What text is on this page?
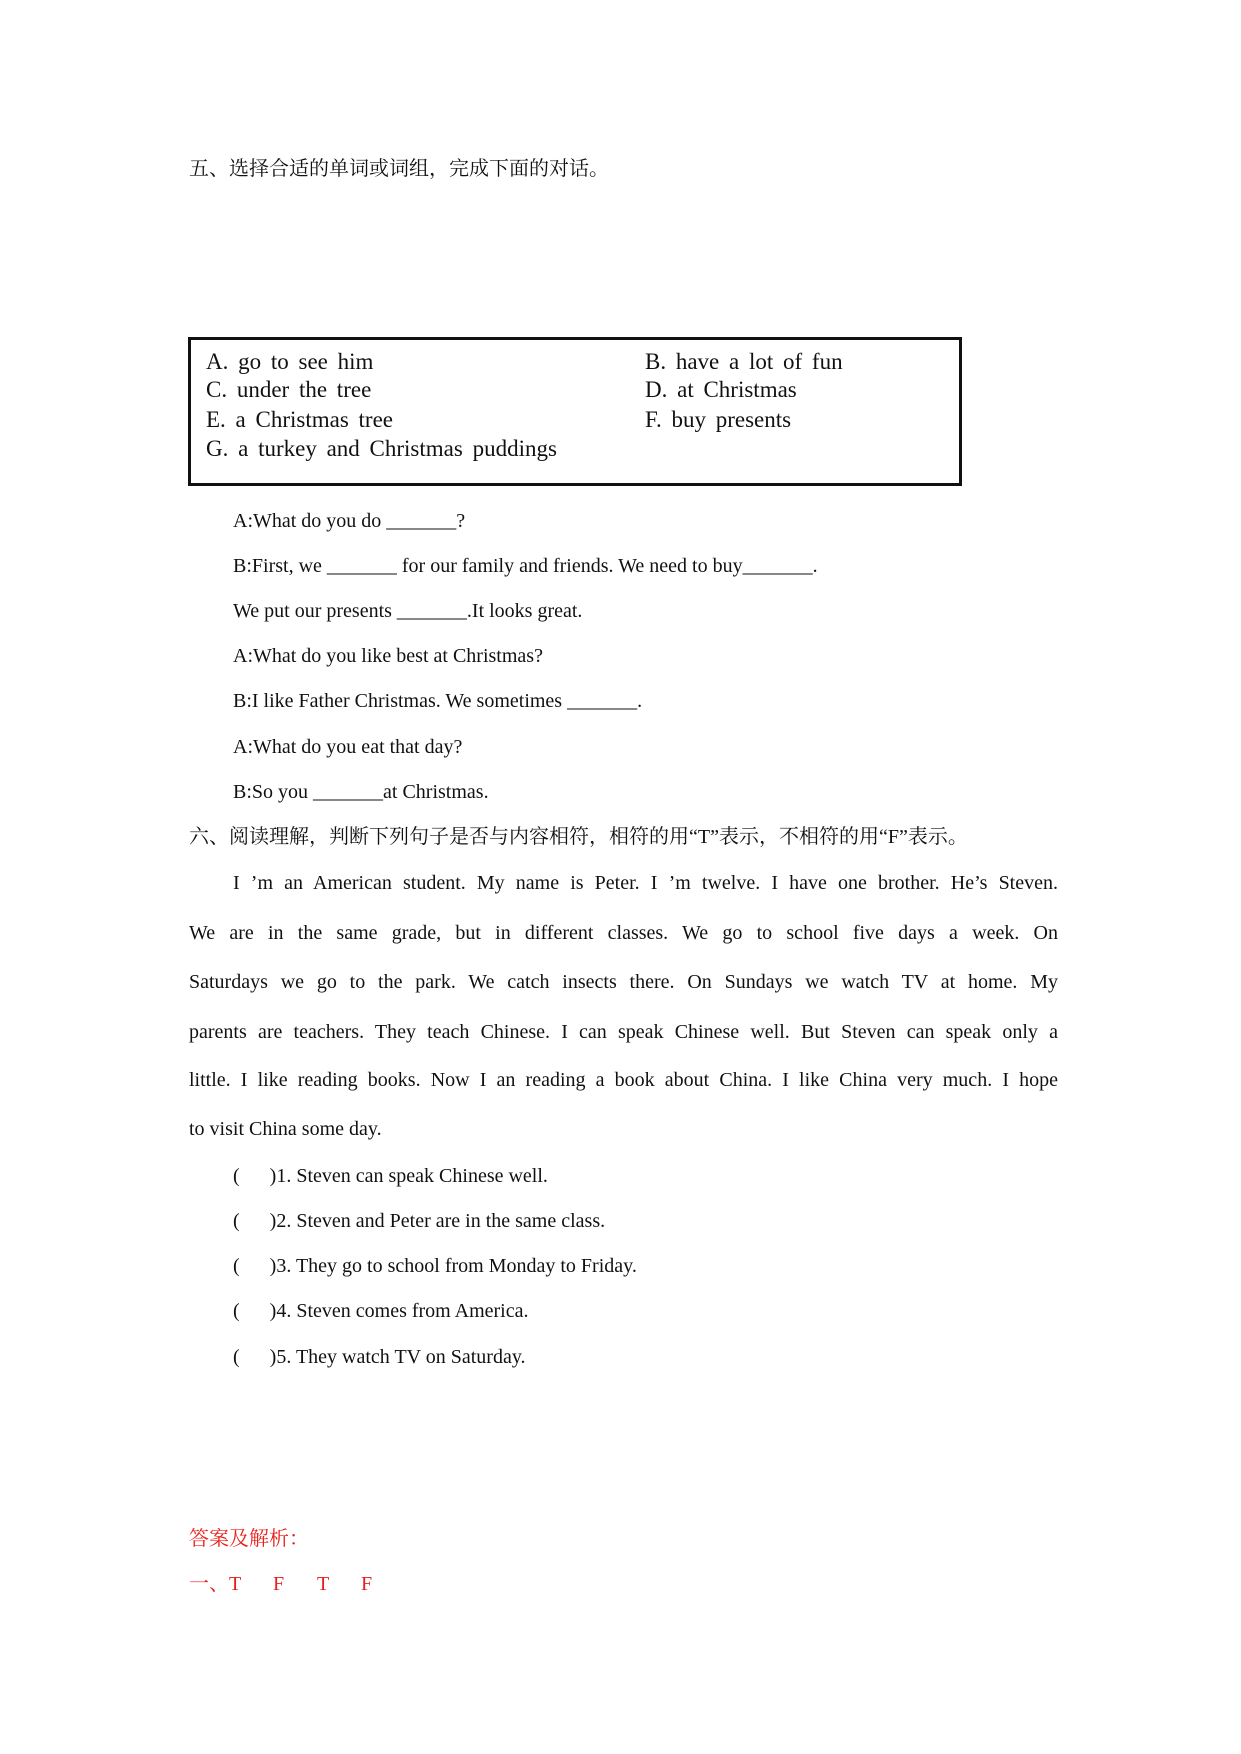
五、选择合适的单词或词组，完成下面的对话。
A. go to see him	B. have a lot of fun
C. under the tree	D. at Christmas
E. a Christmas tree	F. buy presents
G. a turkey and Christmas puddings
A:What do you do _______?
B:First, we _______ for our family and friends. We need to buy_______.
We put our presents _______.It looks great.
A:What do you like best at Christmas?
B:I like Father Christmas. We sometimes _______.
A:What do you eat that day?
B:So you _______at Christmas.
六、阅读理解，判断下列句子是否与内容相符，相符的用“T”表示，不相符的用“F”表示。
I ’m an American student. My name is Peter. I ’m twelve. I have one brother. He’s Steven.
We are in the same grade, but in different classes. We go to school five days a week. On
Saturdays we go to the park. We catch insects there. On Sundays we watch TV at home. My
parents are teachers. They teach Chinese. I can speak Chinese well. But Steven can speak only a
little. I like reading books. Now I an reading a book about China. I like China very much. I hope
to visit China some day.
(      )1. Steven can speak Chinese well.
(      )2. Steven and Peter are in the same class.
(      )3. They go to school from Monday to Friday.
(      )4. Steven comes from America.
(      )5. They watch TV on Saturday.
答案及解析：
一、T F T F
